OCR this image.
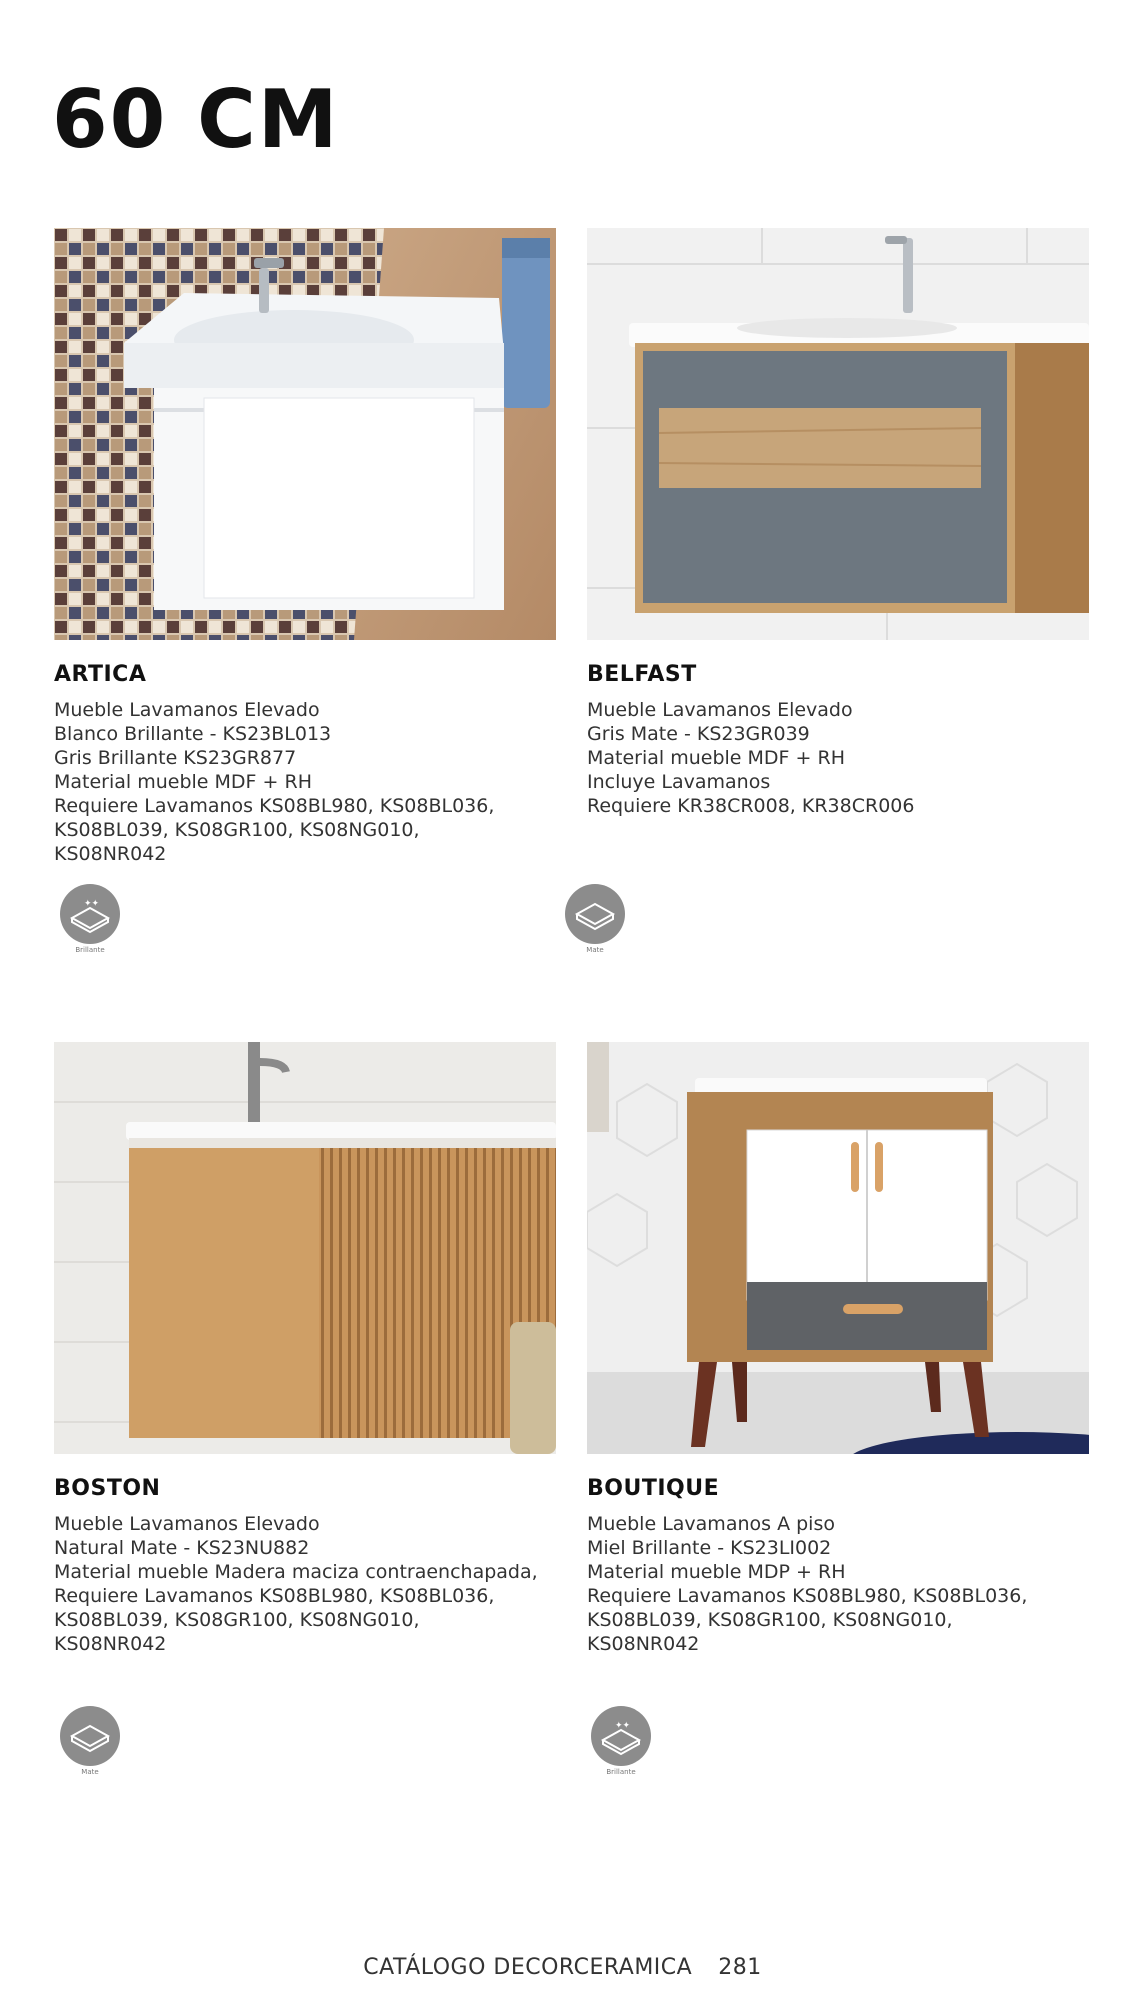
60 CM
ARTICA
Mueble Lavamanos Elevado
Blanco Brillante - KS23BL013
Gris Brillante KS23GR877
Material mueble MDF + RH
Requiere Lavamanos KS08BL980, KS08BL036,
KS08BL039, KS08GR100, KS08NG010,
KS08NR042
✦✦
Brillante
BELFAST
Mueble Lavamanos Elevado
Gris Mate - KS23GR039
Material mueble MDF + RH
Incluye Lavamanos
Requiere KR38CR008, KR38CR006
Mate
BOSTON
Mueble Lavamanos Elevado
Natural Mate - KS23NU882
Material mueble Madera maciza contraenchapada,
Requiere Lavamanos KS08BL980, KS08BL036,
KS08BL039, KS08GR100, KS08NG010,
KS08NR042
Mate
BOUTIQUE
Mueble Lavamanos A piso
Miel Brillante - KS23LI002
Material mueble MDP + RH
Requiere Lavamanos KS08BL980, KS08BL036,
KS08BL039, KS08GR100, KS08NG010,
KS08NR042
✦✦
Brillante
CATÁLOGO DECORCERAMICA 281
